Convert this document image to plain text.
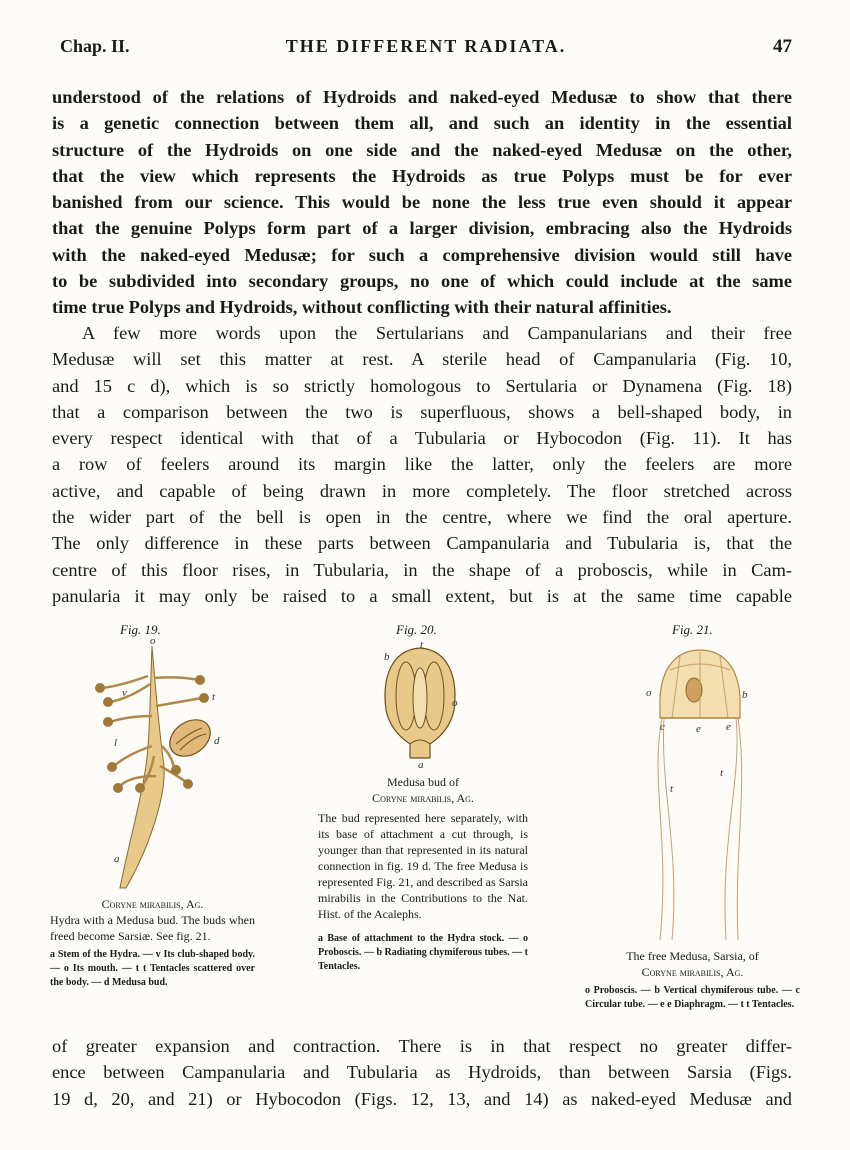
Chap. II.	THE DIFFERENT RADIATA.	47
understood of the relations of Hydroids and naked-eyed Medusæ to show that there
is a genetic connection between them all, and such an identity in the essential
structure of the Hydroids on one side and the naked-eyed Medusæ on the other,
that the view which represents the Hydroids as true Polyps must be for ever
banished from our science. This would be none the less true even should it appear
that the genuine Polyps form part of a larger division, embracing also the Hydroids
with the naked-eyed Medusæ; for such a comprehensive division would still have
to be subdivided into secondary groups, no one of which could include at the same
time true Polyps and Hydroids, without conflicting with their natural affinities.
A few more words upon the Sertularians and Campanularians and their free
Medusæ will set this matter at rest. A sterile head of Campanularia (Fig. 10,
and 15 c d), which is so strictly homologous to Sertularia or Dynamena (Fig. 18)
that a comparison between the two is superfluous, shows a bell-shaped body, in
every respect identical with that of a Tubularia or Hybocodon (Fig. 11). It has
a row of feelers around its margin like the latter, only the feelers are more
active, and capable of being drawn in more completely. The floor stretched across
the wider part of the bell is open in the centre, where we find the oral aperture.
The only difference in these parts between Campanularia and Tubularia is, that the
centre of this floor rises, in Tubularia, in the shape of a proboscis, while in Cam-
panularia it may only be raised to a small extent, but is at the same time capable
Fig. 19.
o
v	t
l	d
a
Coryne mirabilis, Ag.
Hydra with a Medusa bud. The buds when freed become Sarsiæ. See fig. 21.
a Stem of the Hydra. — v Its club-shaped body. — o Its mouth. — t t Tentacles scattered over the body. — d Medusa bud.
Fig. 20.
t
b
o
a
Medusa bud of
Coryne mirabilis, Ag.
The bud represented here separately, with its base of attachment a cut through, is younger than that represented in its natural connection in fig. 19 d. The free Medusa is represented Fig. 21, and described as Sarsia mirabilis in the Contributions to the Nat. Hist. of the Acalephs.
a Base of attachment to the Hydra stock. — o Proboscis. — b Radiating chymiferous tubes. — t Tentacles.
Fig. 21.
o	b
c	e e
t
t
The free Medusa, Sarsia, of
Coryne mirabilis, Ag.
o Proboscis. — b Vertical chymiferous tube. — c Circular tube. — e e Diaphragm. — t t Tentacles.
of greater expansion and contraction. There is in that respect no greater differ-
ence between Campanularia and Tubularia as Hydroids, than between Sarsia (Figs.
19 d, 20, and 21) or Hybocodon (Figs. 12, 13, and 14) as naked-eyed Medusæ and
